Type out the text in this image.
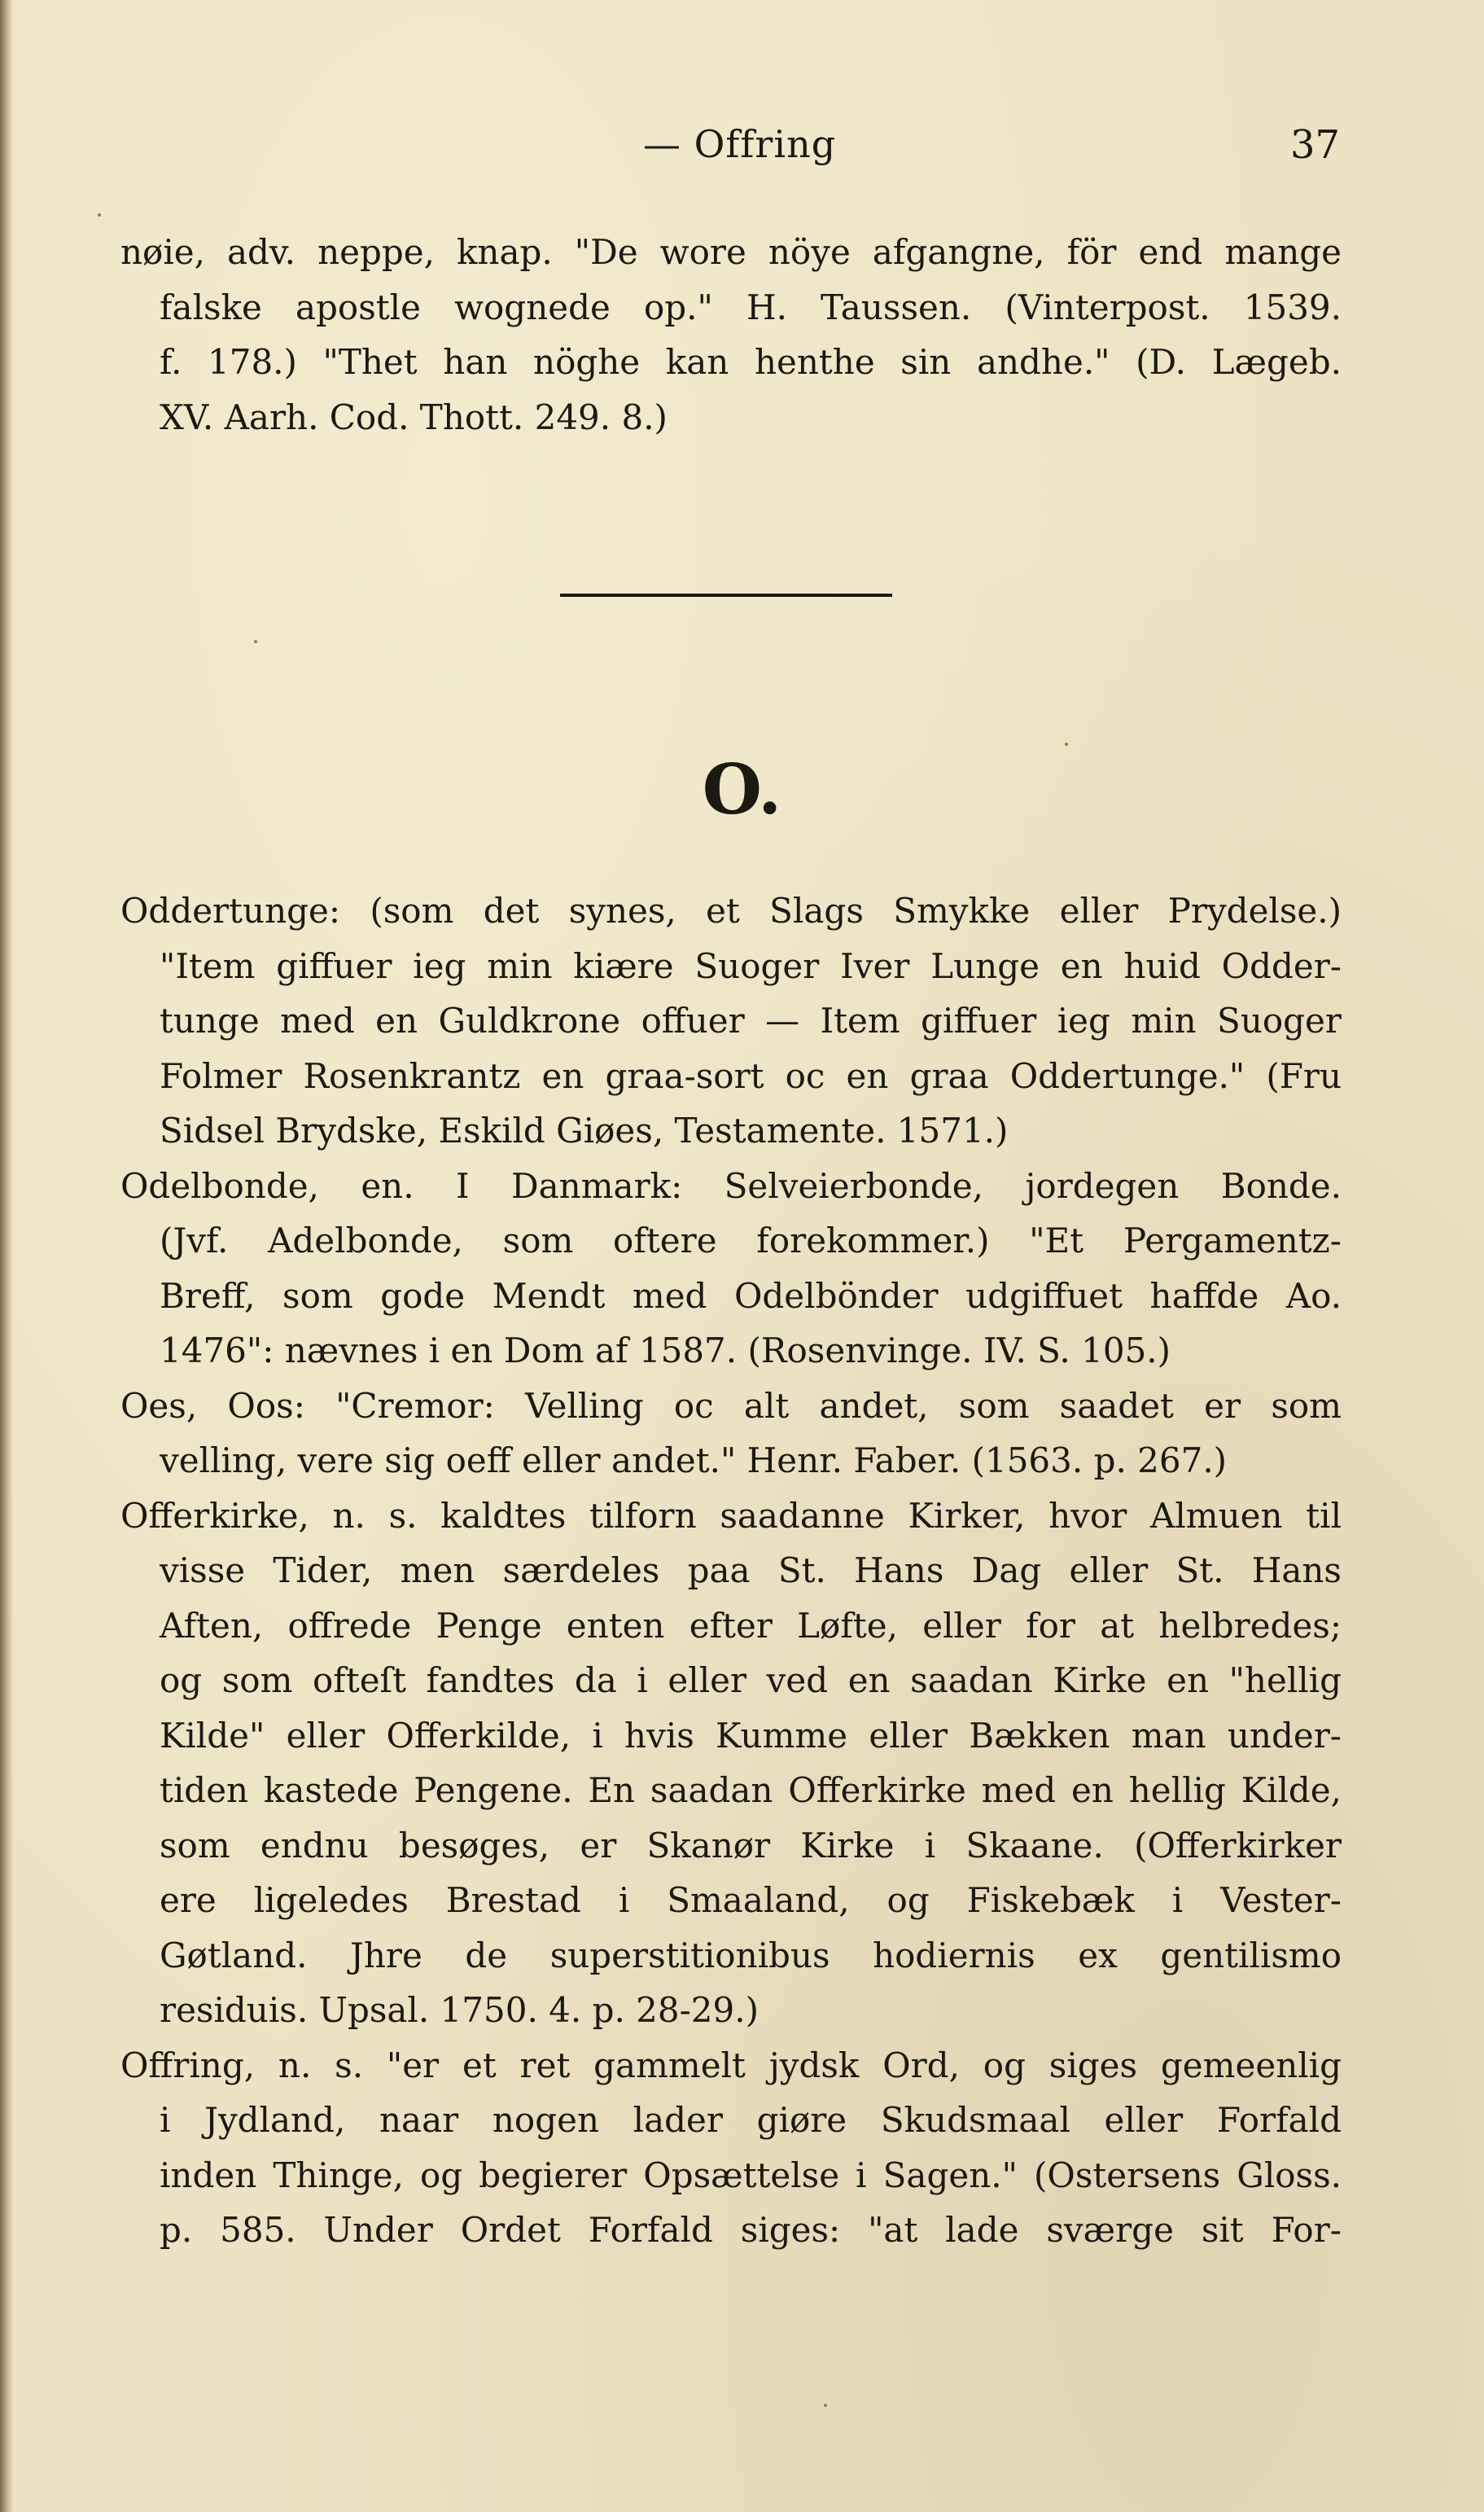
— Offring	37
nøie, adv. neppe, knap. "De wore nöye afgangne, för end mange
falske apostle wognede op." H. Taussen. (Vinterpost. 1539.
f. 178.) "Thet han nöghe kan henthe sin andhe." (D. Lægeb.
XV. Aarh. Cod. Thott. 249. 8.)
O.
Oddertunge: (som det synes, et Slags Smykke eller Prydelse.)
"Item giffuer ieg min kiære Suoger Iver Lunge en huid Odder-
tunge med en Guldkrone offuer — Item giffuer ieg min Suoger
Folmer Rosenkrantz en graa-sort oc en graa Oddertunge." (Fru
Sidsel Brydske, Eskild Giøes, Testamente. 1571.)
Odelbonde, en. I Danmark: Selveierbonde, jordegen Bonde.
(Jvf. Adelbonde, som oftere forekommer.) "Et Pergamentz-
Breff, som gode Mendt med Odelbönder udgiffuet haffde Ao.
1476": nævnes i en Dom af 1587. (Rosenvinge. IV. S. 105.)
Oes, Oos: "Cremor: Velling oc alt andet, som saadet er som
velling, vere sig oeff eller andet." Henr. Faber. (1563. p. 267.)
Offerkirke, n. s. kaldtes tilforn saadanne Kirker, hvor Almuen til
visse Tider, men særdeles paa St. Hans Dag eller St. Hans
Aften, offrede Penge enten efter Løfte, eller for at helbredes;
og som ofteſt fandtes da i eller ved en saadan Kirke en "hellig
Kilde" eller Offerkilde, i hvis Kumme eller Bækken man under-
tiden kastede Pengene. En saadan Offerkirke med en hellig Kilde,
som endnu besøges, er Skanør Kirke i Skaane. (Offerkirker
ere ligeledes Brestad i Smaaland, og Fiskebæk i Vester-
Gøtland. Jhre de superstitionibus hodiernis ex gentilismo
residuis. Upsal. 1750. 4. p. 28-29.)
Offring, n. s. "er et ret gammelt jydsk Ord, og siges gemeenlig
i Jydland, naar nogen lader giøre Skudsmaal eller Forfald
inden Thinge, og begierer Opsættelse i Sagen." (Ostersens Gloss.
p. 585. Under Ordet Forfald siges: "at lade sværge sit For-
